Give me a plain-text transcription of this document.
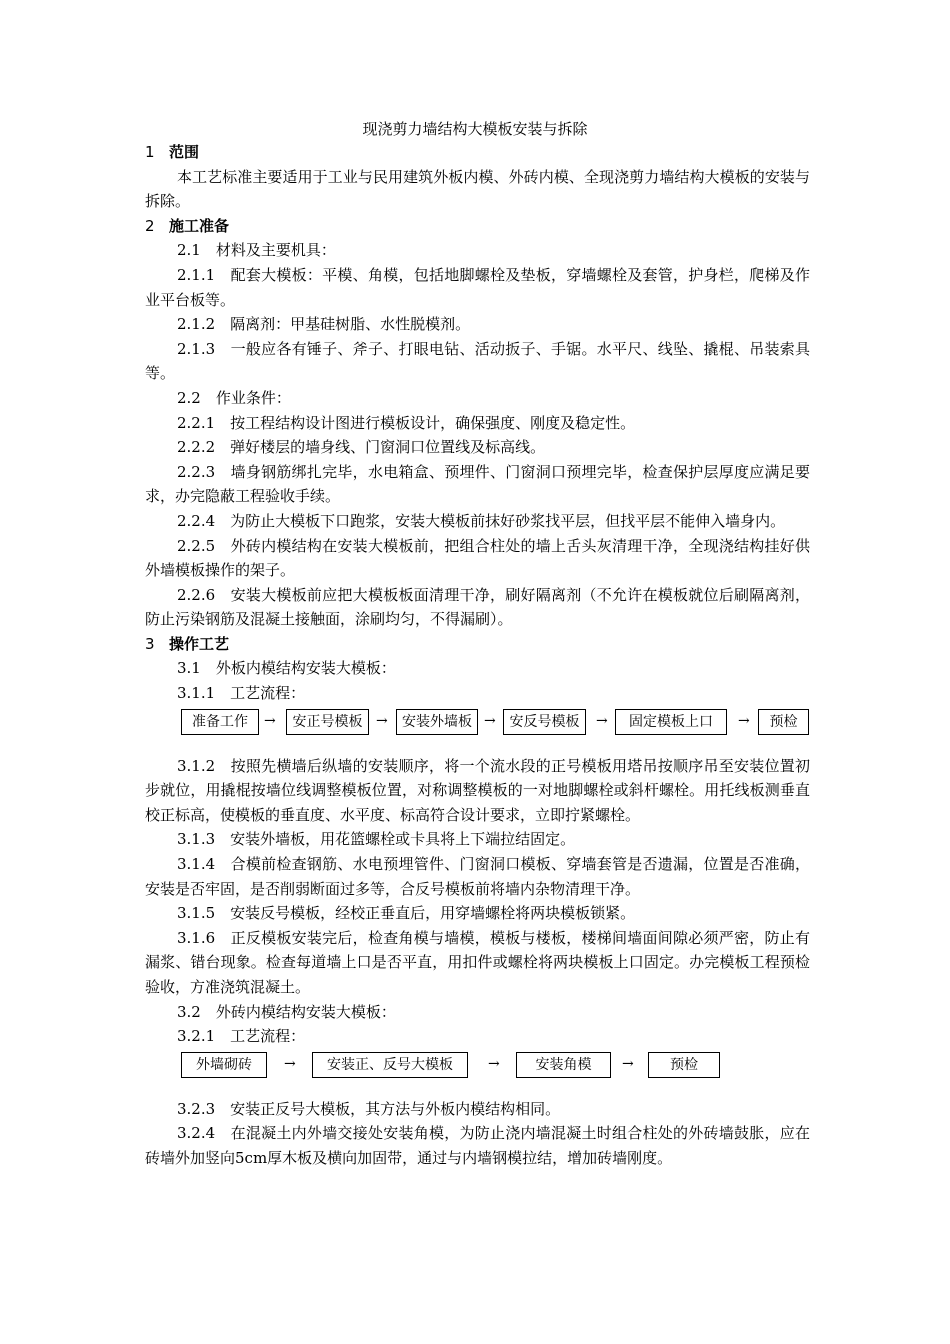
现浇剪力墙结构大模板安装与拆除

1 范围

本工艺标准主要适用于工业与民用建筑外板内模、外砖内模、全现浇剪力墙结构大模板的安装与拆除。

2 施工准备

2.1　材料及主要机具：

2.1.1　配套大模板：平模、角模，包括地脚螺栓及垫板，穿墙螺栓及套管，护身栏，爬梯及作业平台板等。

2.1.2　隔离剂：甲基硅树脂、水性脱模剂。

2.1.3　一般应各有锤子、斧子、打眼电钻、活动扳子、手锯。水平尺、线坠、撬棍、吊装索具等。

2.2　作业条件：

2.2.1　按工程结构设计图进行模板设计，确保强度、刚度及稳定性。

2.2.2　弹好楼层的墙身线、门窗洞口位置线及标高线。

2.2.3　墙身钢筋绑扎完毕，水电箱盒、预埋件、门窗洞口预埋完毕，检查保护层厚度应满足要求，办完隐蔽工程验收手续。

2.2.4　为防止大模板下口跑浆，安装大模板前抹好砂浆找平层，但找平层不能伸入墙身内。

2.2.5　外砖内模结构在安装大模板前，把组合柱处的墙上舌头灰清理干净，全现浇结构挂好供外墙模板操作的架子。

2.2.6　安装大模板前应把大模板板面清理干净，刷好隔离剂（不允许在模板就位后刷隔离剂，防止污染钢筋及混凝土接触面，涂刷均匀，不得漏刷）。

3 操作工艺

3.1　外板内模结构安装大模板：

3.1.1　工艺流程：

准备工作	→	安正号模板 →	安装外墙板 → 安反号模板	→	固定模板上口	→	预检

3.1.2　按照先横墙后纵墙的安装顺序，将一个流水段的正号模板用塔吊按顺序吊至安装位置初步就位，用撬棍按墙位线调整模板位置，对称调整模板的一对地脚螺栓或斜杆螺栓。用托线板测垂直校正标高，使模板的垂直度、水平度、标高符合设计要求，立即拧紧螺栓。

3.1.3　安装外墙板，用花篮螺栓或卡具将上下端拉结固定。

3.1.4　合模前检查钢筋、水电预埋管件、门窗洞口模板、穿墙套管是否遗漏，位置是否准确，安装是否牢固，是否削弱断面过多等，合反号模板前将墙内杂物清理干净。

3.1.5　安装反号模板，经校正垂直后，用穿墙螺栓将两块模板锁紧。

3.1.6　正反模板安装完后，检查角模与墙模，模板与楼板，楼梯间墙面间隙必须严密，防止有漏浆、错台现象。检查每道墙上口是否平直，用扣件或螺栓将两块模板上口固定。办完模板工程预检验收，方准浇筑混凝土。

3.2　外砖内模结构安装大模板：

3.2.1　工艺流程：

外墙砌砖	→	安装正、反号大模板	→	安装角模	→	预检

3.2.3　安装正反号大模板，其方法与外板内模结构相同。

3.2.4　在混凝土内外墙交接处安装角模，为防止浇内墙混凝土时组合柱处的外砖墙鼓胀，应在砖墙外加竖向5cm厚木板及横向加固带，通过与内墙钢模拉结，增加砖墙刚度。
